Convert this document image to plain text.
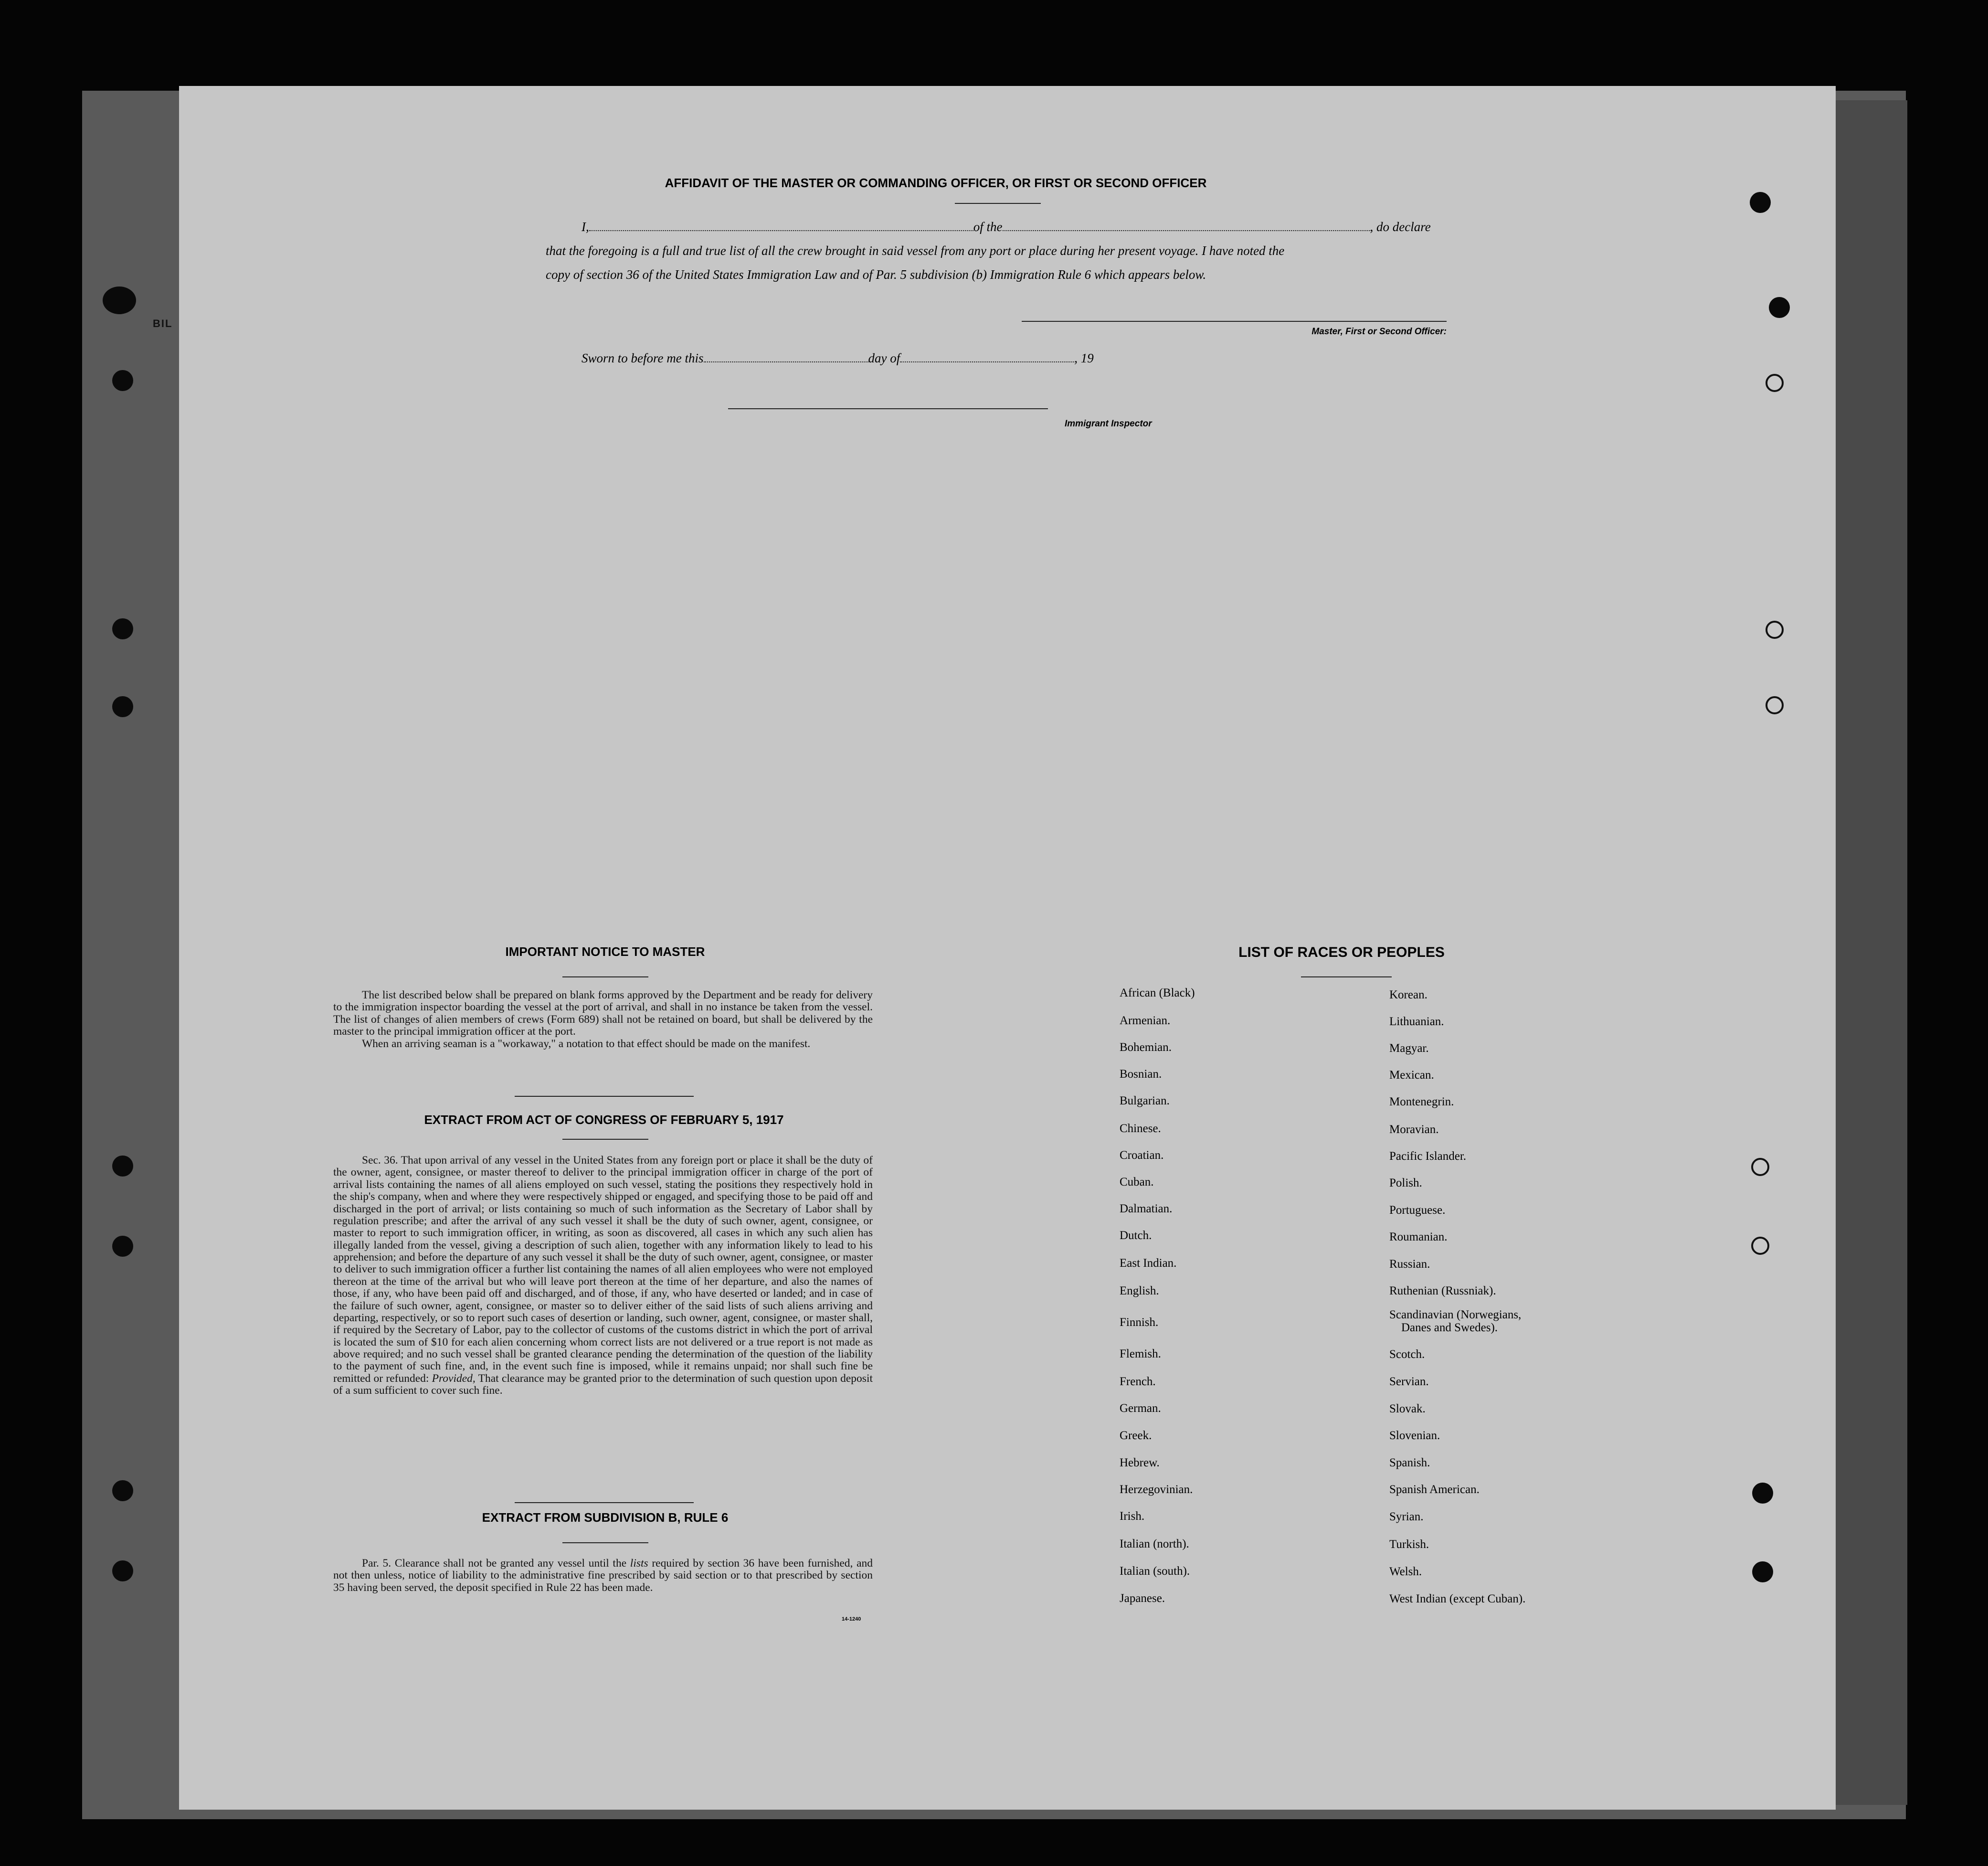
BIL
AFFIDAVIT OF THE MASTER OR COMMANDING OFFICER, OR FIRST OR SECOND OFFICER
I,	of the	, do declare
that the foregoing is a full and true list of all the crew brought in said vessel from any port or place during her present voyage. I have noted the
copy of section 36 of the United States Immigration Law and of Par. 5 subdivision (b) Immigration Rule 6 which appears below.
Master, First or Second Officer:
Sworn to before me this	day of	, 19
Immigrant Inspector
IMPORTANT NOTICE TO MASTER

The list described below shall be prepared on blank forms approved by the Department and be ready for delivery to the immigration inspector boarding the vessel at the port of arrival, and shall in no instance be taken from the vessel. The list of changes of alien members of crews (Form 689) shall not be retained on board, but shall be delivered by the master to the principal immigration officer at the port.

When an arriving seaman is a "workaway," a notation to that effect should be made on the manifest.

EXTRACT FROM ACT OF CONGRESS OF FEBRUARY 5, 1917

Sec. 36. That upon arrival of any vessel in the United States from any foreign port or place it shall be the duty of the owner, agent, consignee, or master thereof to deliver to the principal immigration officer in charge of the port of arrival lists containing the names of all aliens employed on such vessel, stating the positions they respectively hold in the ship's company, when and where they were respectively shipped or engaged, and specifying those to be paid off and discharged in the port of arrival; or lists containing so much of such information as the Secretary of Labor shall by regulation prescribe; and after the arrival of any such vessel it shall be the duty of such owner, agent, consignee, or master to report to such immigration officer, in writing, as soon as discovered, all cases in which any such alien has illegally landed from the vessel, giving a description of such alien, together with any information likely to lead to his apprehension; and before the departure of any such vessel it shall be the duty of such owner, agent, consignee, or master to deliver to such immigration officer a further list containing the names of all alien employees who were not employed thereon at the time of the arrival but who will leave port thereon at the time of her departure, and also the names of those, if any, who have been paid off and discharged, and of those, if any, who have deserted or landed; and in case of the failure of such owner, agent, consignee, or master so to deliver either of the said lists of such aliens arriving and departing, respectively, or so to report such cases of desertion or landing, such owner, agent, consignee, or master shall, if required by the Secretary of Labor, pay to the collector of customs of the customs district in which the port of arrival is located the sum of $10 for each alien concerning whom correct lists are not delivered or a true report is not made as above required; and no such vessel shall be granted clearance pending the determination of the question of the liability to the payment of such fine, and, in the event such fine is imposed, while it remains unpaid; nor shall such fine be remitted or refunded: Provided, That clearance may be granted prior to the determination of such question upon deposit of a sum sufficient to cover such fine.

EXTRACT FROM SUBDIVISION B, RULE 6

Par. 5. Clearance shall not be granted any vessel until the lists required by section 36 have been furnished, and not then unless, notice of liability to the administrative fine prescribed by said section or to that prescribed by section 35 having been served, the deposit specified in Rule 22 has been made.

14-1240
LIST OF RACES OR PEOPLES
African (Black)
Armenian.
Bohemian.
Bosnian.
Bulgarian.
Chinese.
Croatian.
Cuban.
Dalmatian.
Dutch.
East Indian.
English.
Finnish.
Flemish.
French.
German.
Greek.
Hebrew.
Herzegovinian.
Irish.
Italian (north).
Italian (south).
Japanese.
Korean.
Lithuanian.
Magyar.
Mexican.
Montenegrin.
Moravian.
Pacific Islander.
Polish.
Portuguese.
Roumanian.
Russian.
Ruthenian (Russniak).
Scandinavian (Norwegians,
Danes and Swedes).
Scotch.
Servian.
Slovak.
Slovenian.
Spanish.
Spanish American.
Syrian.
Turkish.
Welsh.
West Indian (except Cuban).
